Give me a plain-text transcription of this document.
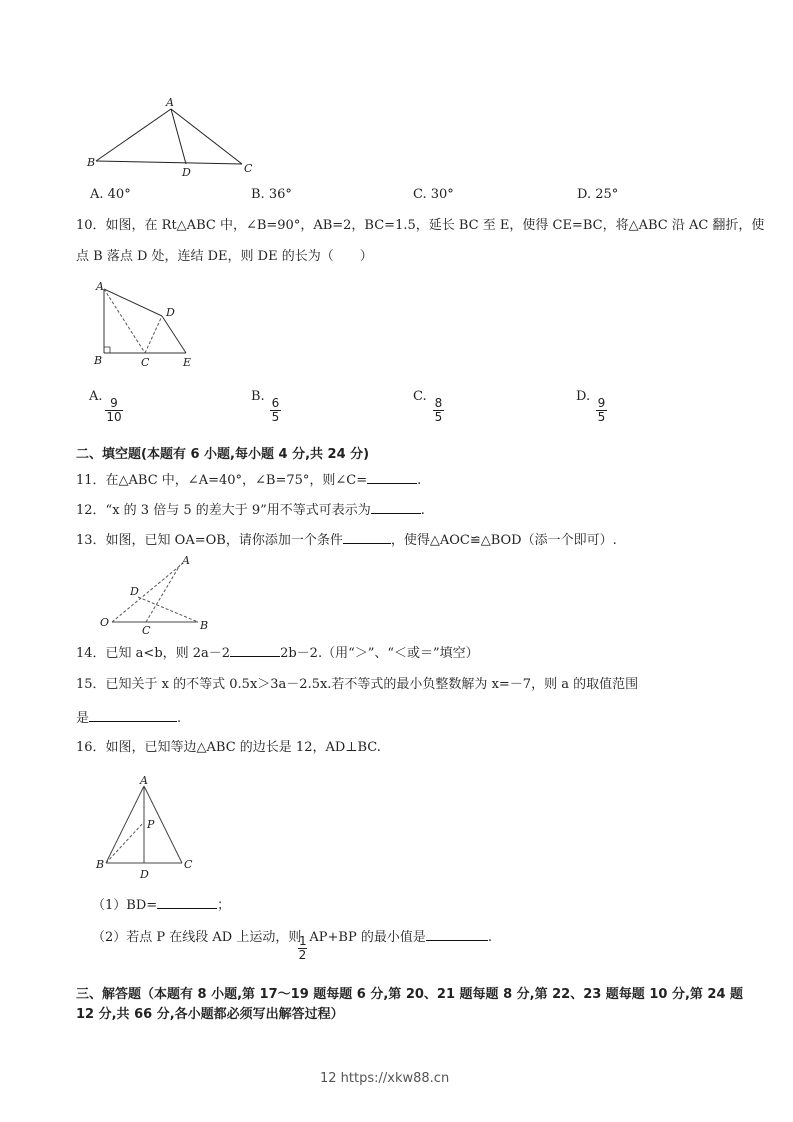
A
B	C
D
A. 40°	B. 36°	C. 30°	D. 25°
10．如图，在 Rt△ABC 中，∠B=90°，AB=2，BC=1.5，延长 BC 至 E，使得 CE=BC，将△ABC 沿 AC 翻折，使
点 B 落点 D 处，连结 DE，则 DE 的长为（　　）
A
B	C
D
E
A.
$\frac{9}{10}$
B.
$\frac{6}{5}$
C.
$\frac{8}{5}$
D.
$\frac{9}{5}$
二、填空题(本题有 6 小题,每小题 4 分,共 24 分)
11．在△ABC 中，∠A=40°，∠B=75°，则∠C=	.
12．“x 的 3 倍与 5 的差大于 9”用不等式可表示为	.
13．如图，已知 OA=OB，请你添加一个条件	，使得△AOC≌△BOD（添一个即可）.
A
B
C
D
O
14．已知 a<b，则 2a－2	2b－2.（用“＞”、“＜或＝”填空）
15．已知关于 x 的不等式 0.5x＞3a－2.5x.若不等式的最小负整数解为 x=－7，则 a 的取值范围
是	.
16．如图，已知等边△ABC 的边长是 12，AD⊥BC.
A
B	C
D
P
（1）BD=	；
（2）若点 P 在线段 AD 上运动，则 AP+BP 的最小值是	.
$\frac{1}{2}$
三、解答题（本题有 8 小题,第 17～19 题每题 6 分,第 20、21 题每题 8 分,第 22、23 题每题 10 分,第 24 题
12 分,共 66 分,各小题都必须写出解答过程）
12 https://xkw88.cn
